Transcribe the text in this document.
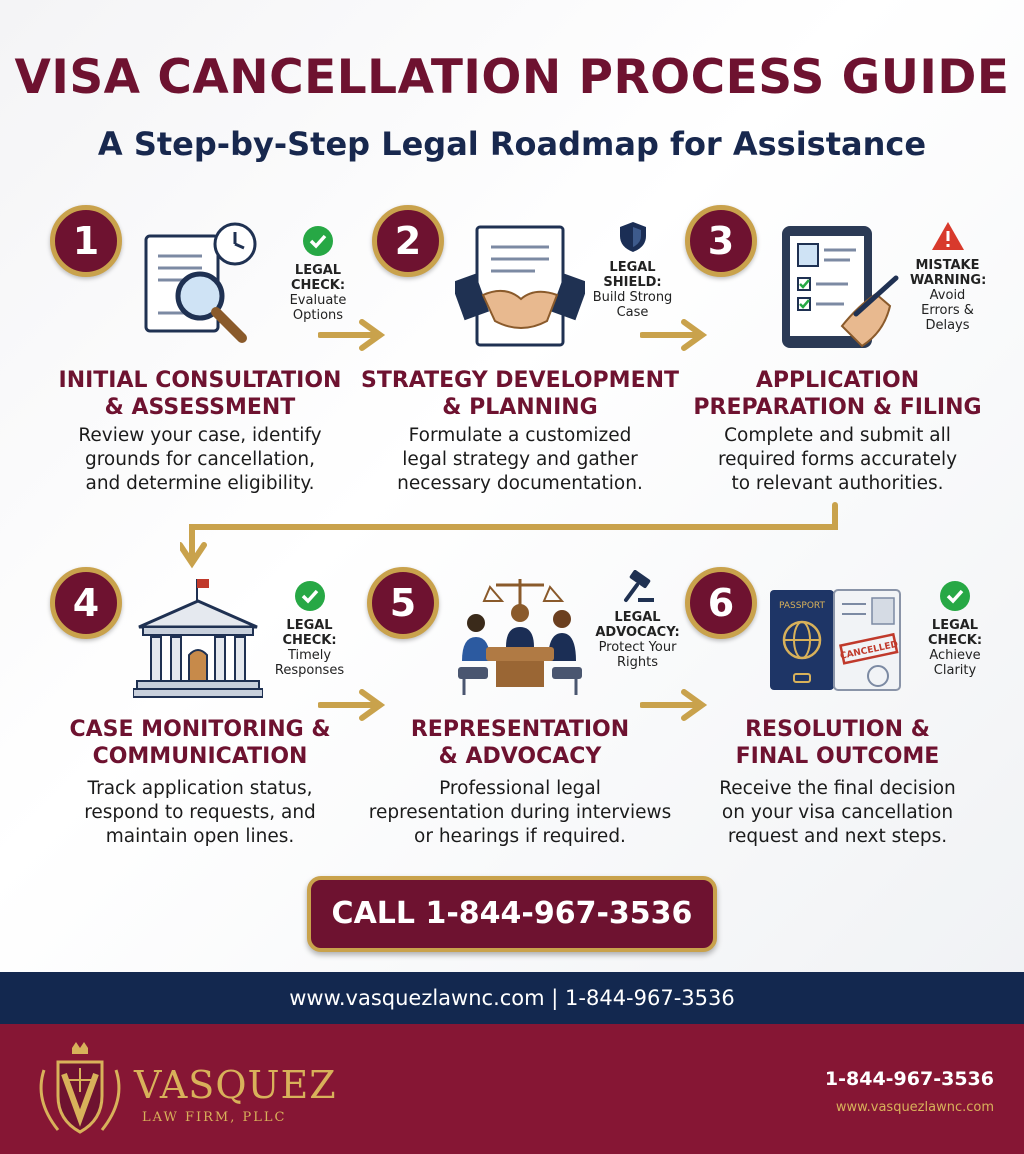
VISA CANCELLATION PROCESS GUIDE
A Step-by-Step Legal Roadmap for Assistance
1
LEGAL CHECK:
Evaluate
Options
INITIAL CONSULTATION
& ASSESSMENT
Review your case, identify
grounds for cancellation,
and determine eligibility.
2
LEGAL SHIELD:
Build Strong
Case
STRATEGY DEVELOPMENT
& PLANNING
Formulate a customized
legal strategy and gather
necessary documentation.
3
MISTAKE
WARNING:
Avoid
Errors &
Delays
APPLICATION
PREPARATION & FILING
Complete and submit all
required forms accurately
to relevant authorities.
4
LEGAL
CHECK:
Timely
Responses
CASE MONITORING &
COMMUNICATION
Track application status,
respond to requests, and
maintain open lines.
5	LEGAL
ADVOCACY:
Protect Your
Rights
REPRESENTATION
& ADVOCACY
Professional legal
representation during interviews
or hearings if required.
6	PASSPORT
CANCELLED
LEGAL
CHECK:
Achieve
Clarity
RESOLUTION &
FINAL OUTCOME
Receive the final decision
on your visa cancellation
request and next steps.
CALL 1-844-967-3536
www.vasquezlawnc.com | 1-844-967-3536
VASQUEZ
LAW FIRM, PLLC
1-844-967-3536
www.vasquezlawnc.com
